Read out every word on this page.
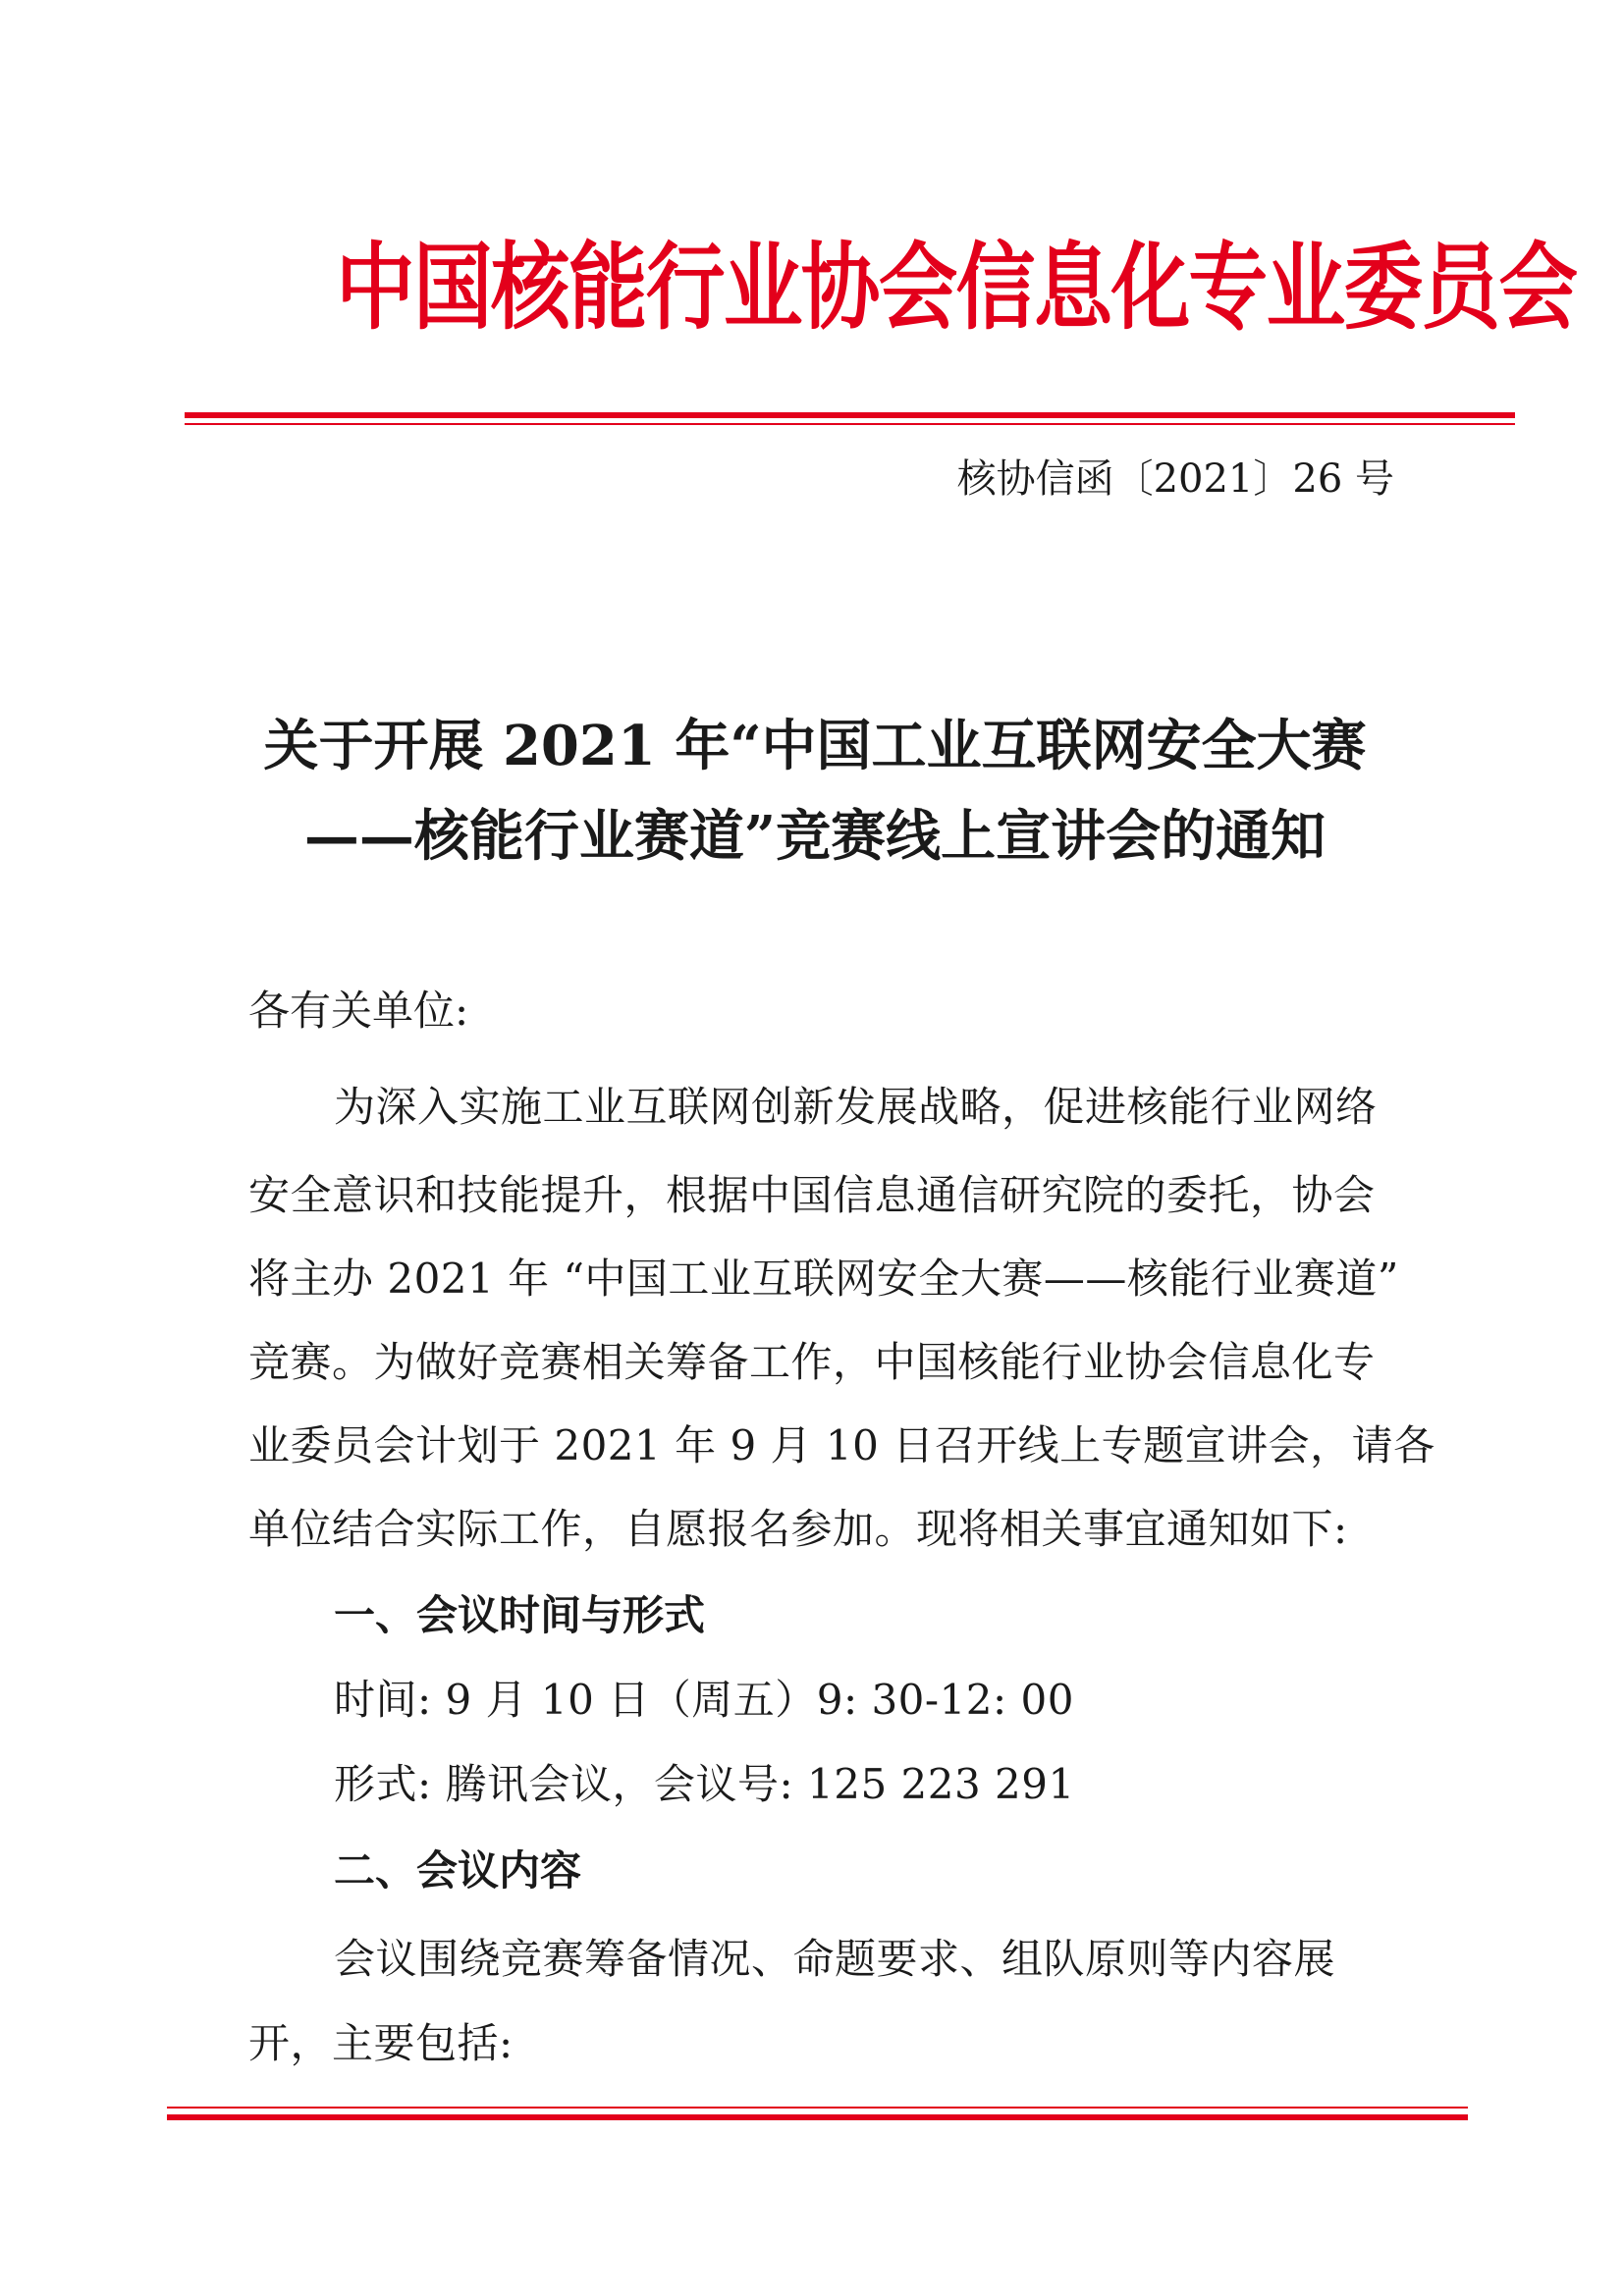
中国核能行业协会信息化专业委员会
核协信函〔2021〕26 号
关于开展 2021 年“中国工业互联网安全大赛
——核能行业赛道”竞赛线上宣讲会的通知
各有关单位:
为深入实施工业互联网创新发展战略，促进核能行业网络
安全意识和技能提升，根据中国信息通信研究院的委托，协会
将主办 2021 年 “中国工业互联网安全大赛——核能行业赛道”
竞赛。为做好竞赛相关筹备工作，中国核能行业协会信息化专
业委员会计划于 2021 年 9 月 10 日召开线上专题宣讲会，请各
单位结合实际工作，自愿报名参加。现将相关事宜通知如下:
一、会议时间与形式
时间: 9 月 10 日（周五）9: 30-12: 00
形式: 腾讯会议，会议号: 125 223 291
二、会议内容
会议围绕竞赛筹备情况、命题要求、组队原则等内容展
开，主要包括:
